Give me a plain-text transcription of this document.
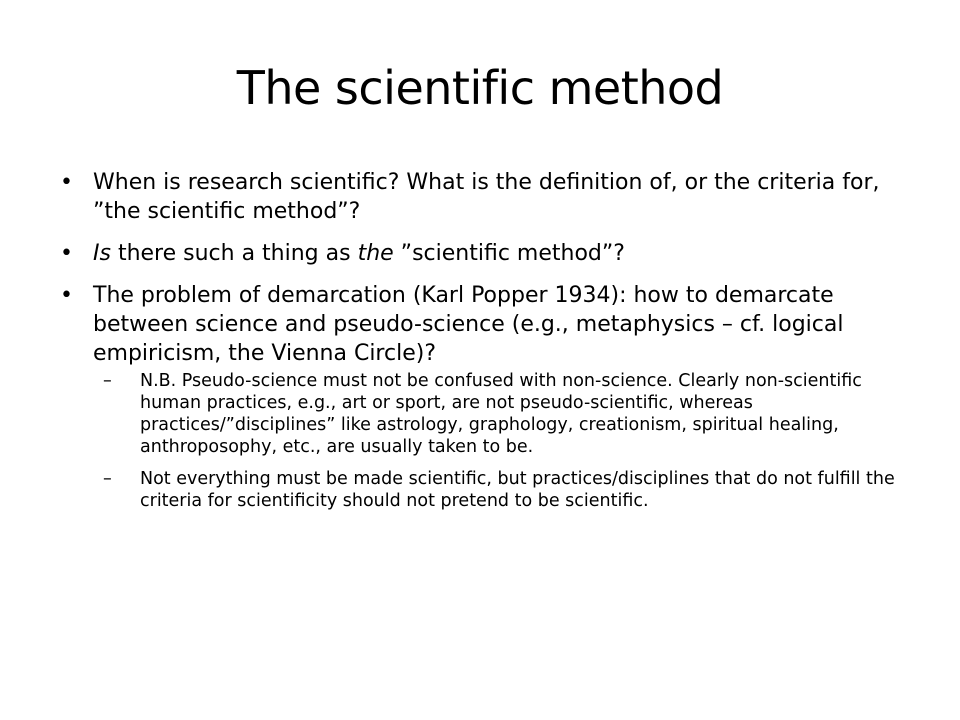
The scientific method
• When is research scientific? What is the definition of, or the criteria for, ”the scientific method”?
• Is there such a thing as the ”scientific method”?
• The problem of demarcation (Karl Popper 1934): how to demarcate between science and pseudo-science (e.g., metaphysics – cf. logical empiricism, the Vienna Circle)?
– N.B. Pseudo-science must not be confused with non-science. Clearly non-scientific human practices, e.g., art or sport, are not pseudo-scientific, whereas practices/”disciplines” like astrology, graphology, creationism, spiritual healing, anthroposophy, etc., are usually taken to be.
– Not everything must be made scientific, but practices/disciplines that do not fulfill the criteria for scientificity should not pretend to be scientific.
